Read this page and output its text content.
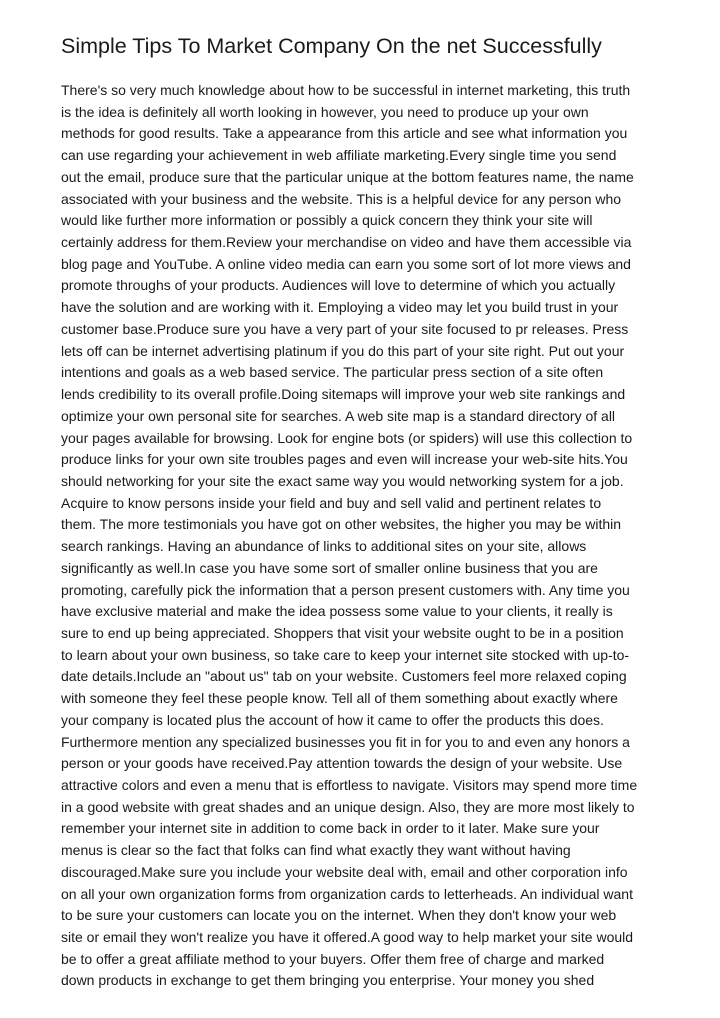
Simple Tips To Market Company On the net Successfully
There's so very much knowledge about how to be successful in internet marketing, this truth
is the idea is definitely all worth looking in however, you need to produce up your own
methods for good results. Take a appearance from this article and see what information you
can use regarding your achievement in web affiliate marketing.Every single time you send
out the email, produce sure that the particular unique at the bottom features name, the name
associated with your business and the website. This is a helpful device for any person who
would like further more information or possibly a quick concern they think your site will
certainly address for them.Review your merchandise on video and have them accessible via
blog page and YouTube. A online video media can earn you some sort of lot more views and
promote throughs of your products. Audiences will love to determine of which you actually
have the solution and are working with it. Employing a video may let you build trust in your
customer base.Produce sure you have a very part of your site focused to pr releases. Press
lets off can be internet advertising platinum if you do this part of your site right. Put out your
intentions and goals as a web based service. The particular press section of a site often
lends credibility to its overall profile.Doing sitemaps will improve your web site rankings and
optimize your own personal site for searches. A web site map is a standard directory of all
your pages available for browsing. Look for engine bots (or spiders) will use this collection to
produce links for your own site troubles pages and even will increase your web-site hits.You
should networking for your site the exact same way you would networking system for a job.
Acquire to know persons inside your field and buy and sell valid and pertinent relates to
them. The more testimonials you have got on other websites, the higher you may be within
search rankings. Having an abundance of links to additional sites on your site, allows
significantly as well.In case you have some sort of smaller online business that you are
promoting, carefully pick the information that a person present customers with. Any time you
have exclusive material and make the idea possess some value to your clients, it really is
sure to end up being appreciated. Shoppers that visit your website ought to be in a position
to learn about your own business, so take care to keep your internet site stocked with up-to-
date details.Include an "about us" tab on your website. Customers feel more relaxed coping
with someone they feel these people know. Tell all of them something about exactly where
your company is located plus the account of how it came to offer the products this does.
Furthermore mention any specialized businesses you fit in for you to and even any honors a
person or your goods have received.Pay attention towards the design of your website. Use
attractive colors and even a menu that is effortless to navigate. Visitors may spend more time
in a good website with great shades and an unique design. Also, they are more most likely to
remember your internet site in addition to come back in order to it later. Make sure your
menus is clear so the fact that folks can find what exactly they want without having
discouraged.Make sure you include your website deal with, email and other corporation info
on all your own organization forms from organization cards to letterheads. An individual want
to be sure your customers can locate you on the internet. When they don't know your web
site or email they won't realize you have it offered.A good way to help market your site would
be to offer a great affiliate method to your buyers. Offer them free of charge and marked
down products in exchange to get them bringing you enterprise. Your money you shed
